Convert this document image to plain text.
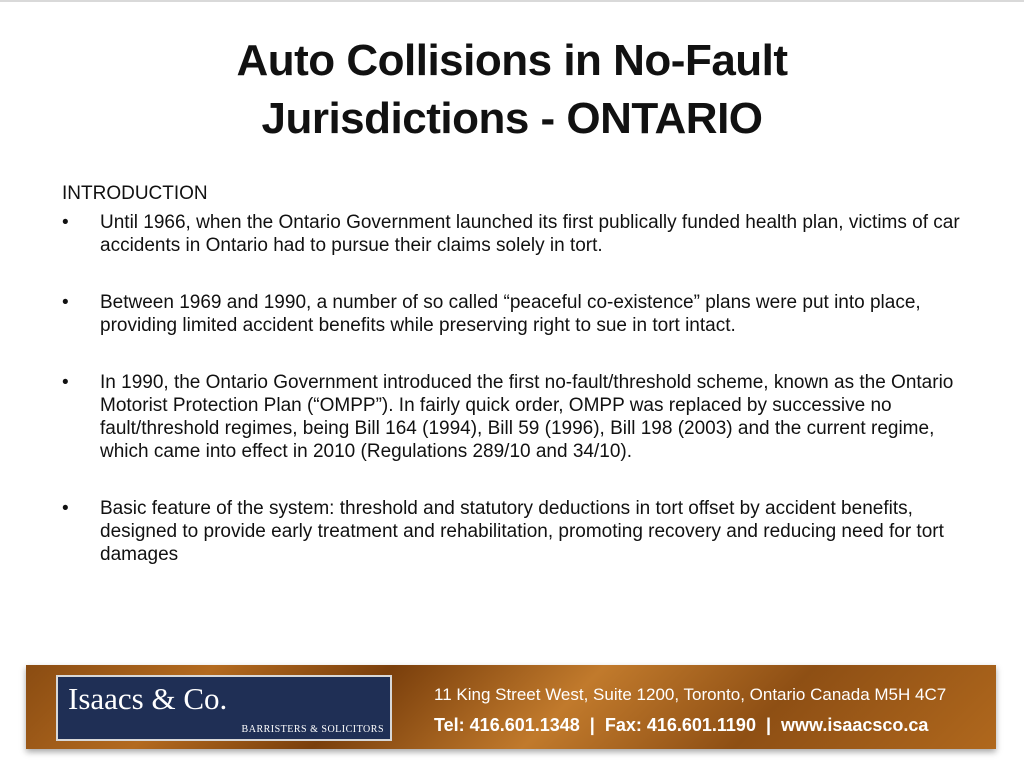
Auto Collisions in No-Fault
Jurisdictions - ONTARIO
INTRODUCTION
•	Until 1966, when the Ontario Government launched its first publically funded health plan, victims of car accidents in Ontario had to pursue their claims solely in tort.
•	Between 1969 and 1990, a number of so called “peaceful co-existence” plans were put into place, providing limited accident benefits while preserving right to sue in tort intact.
•	In 1990, the Ontario Government introduced the first no-fault/threshold scheme, known as the Ontario Motorist Protection Plan (“OMPP”). In fairly quick order, OMPP was replaced by successive no fault/threshold regimes, being Bill 164 (1994), Bill 59 (1996), Bill 198 (2003) and the current regime, which came into effect in 2010 (Regulations 289/10 and 34/10).
•	Basic feature of the system: threshold and statutory deductions in tort offset by accident benefits, designed to provide early treatment and rehabilitation, promoting recovery and reducing need for tort damages
Isaacs & Co.
BARRISTERS & SOLICITORS
11 King Street West, Suite 1200, Toronto, Ontario Canada M5H 4C7
Tel: 416.601.1348 | Fax: 416.601.1190 | www.isaacsco.ca
